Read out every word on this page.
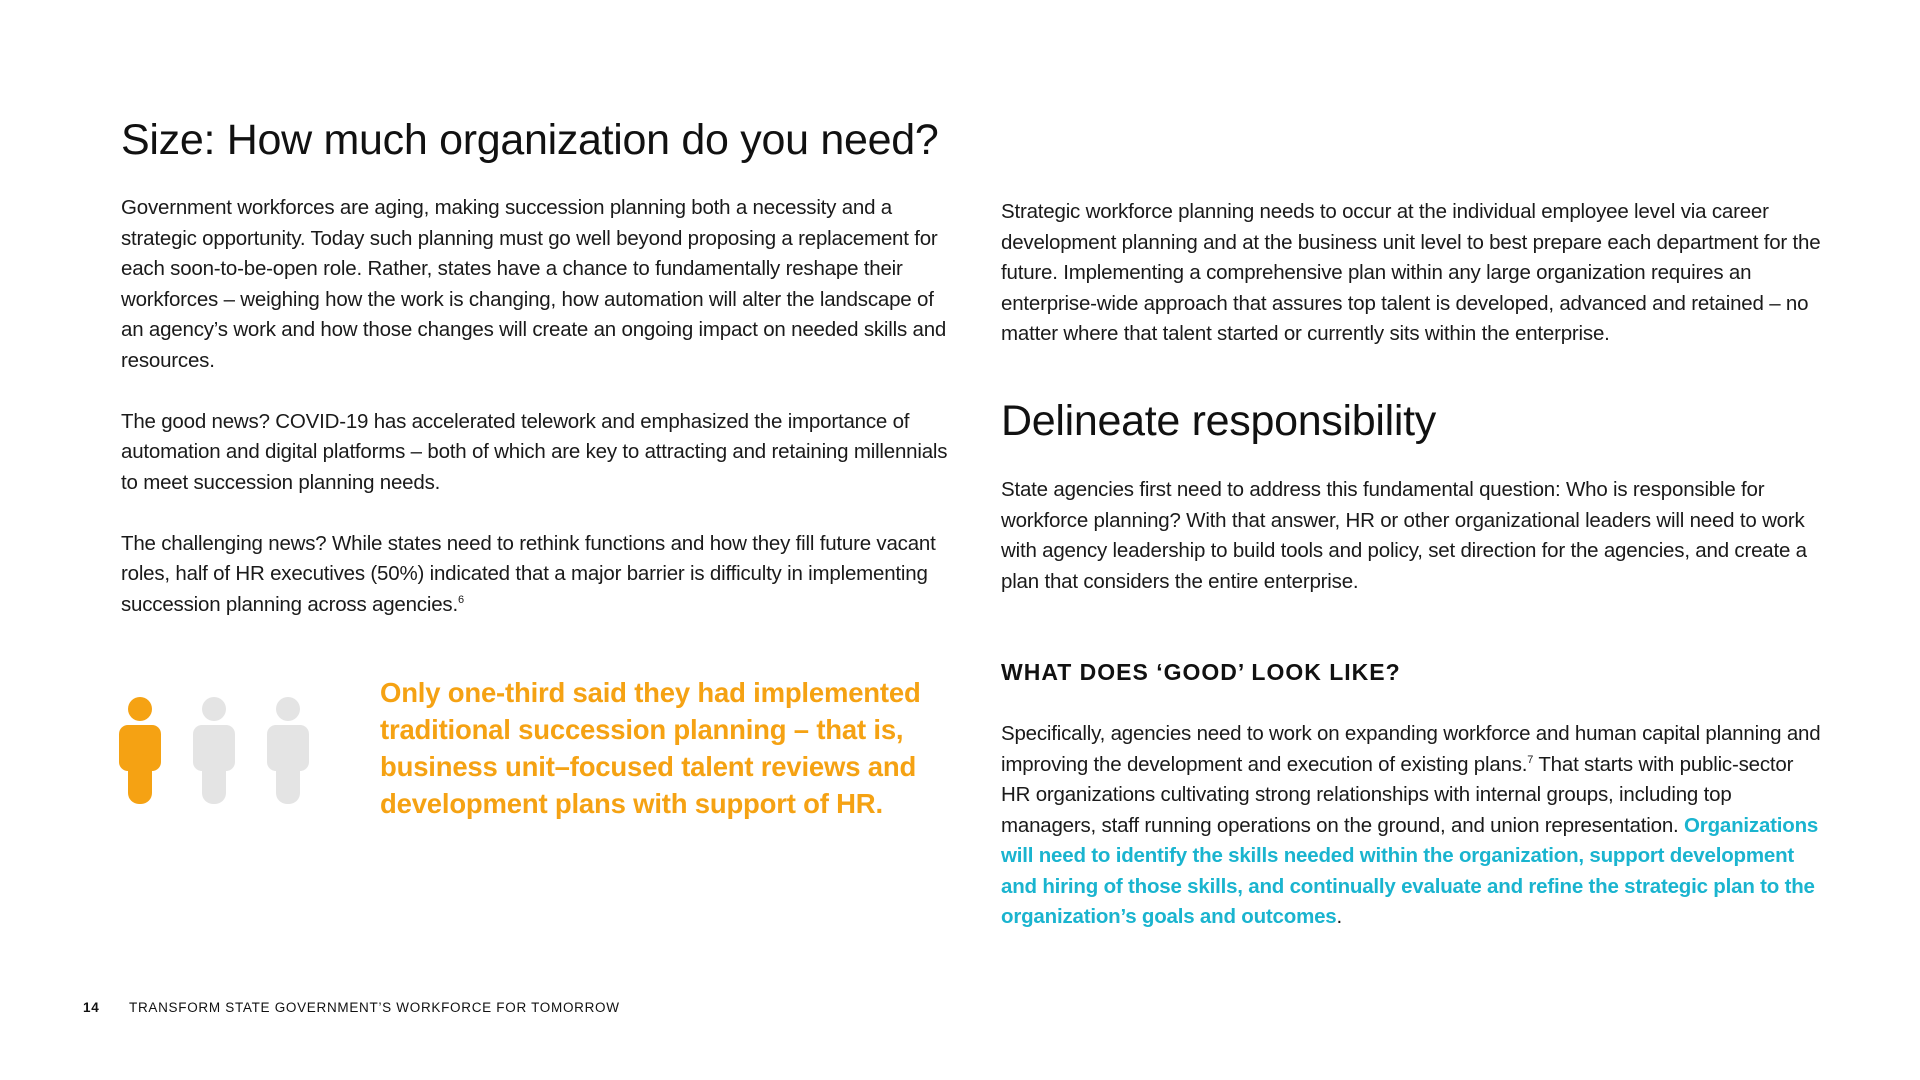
Size: How much organization do you need?

Government workforces are aging, making succession planning both a necessity and a strategic opportunity. Today such planning must go well beyond proposing a replacement for each soon-to-be-open role. Rather, states have a chance to fundamentally reshape their workforces – weighing how the work is changing, how automation will alter the landscape of an agency’s work and how those changes will create an ongoing impact on needed skills and resources.

The good news? COVID-19 has accelerated telework and emphasized the importance of automation and digital platforms – both of which are key to attracting and retaining millennials to meet succession planning needs.

The challenging news? While states need to rethink functions and how they fill future vacant roles, half of HR executives (50%) indicated that a major barrier is difficulty in implementing succession planning across agencies.$^6$

Only one-third said they had implemented traditional succession planning – that is, business unit–focused talent reviews and development plans with support of HR.

Strategic workforce planning needs to occur at the individual employee level via career development planning and at the business unit level to best prepare each department for the future. Implementing a comprehensive plan within any large organization requires an enterprise-wide approach that assures top talent is developed, advanced and retained – no matter where that talent started or currently sits within the enterprise.

Delineate responsibility

State agencies first need to address this fundamental question: Who is responsible for workforce planning? With that answer, HR or other organizational leaders will need to work with agency leadership to build tools and policy, set direction for the agencies, and create a plan that considers the entire enterprise.

WHAT DOES ‘GOOD’ LOOK LIKE?

Specifically, agencies need to work on expanding workforce and human capital planning and improving the development and execution of existing plans.$^7$ That starts with public-sector HR organizations cultivating strong relationships with internal groups, including top managers, staff running operations on the ground, and union representation. Organizations will need to identify the skills needed within the organization, support development and hiring of those skills, and continually evaluate and refine the strategic plan to the organization’s goals and outcomes.

14 TRANSFORM STATE GOVERNMENT’S WORKFORCE FOR TOMORROW
